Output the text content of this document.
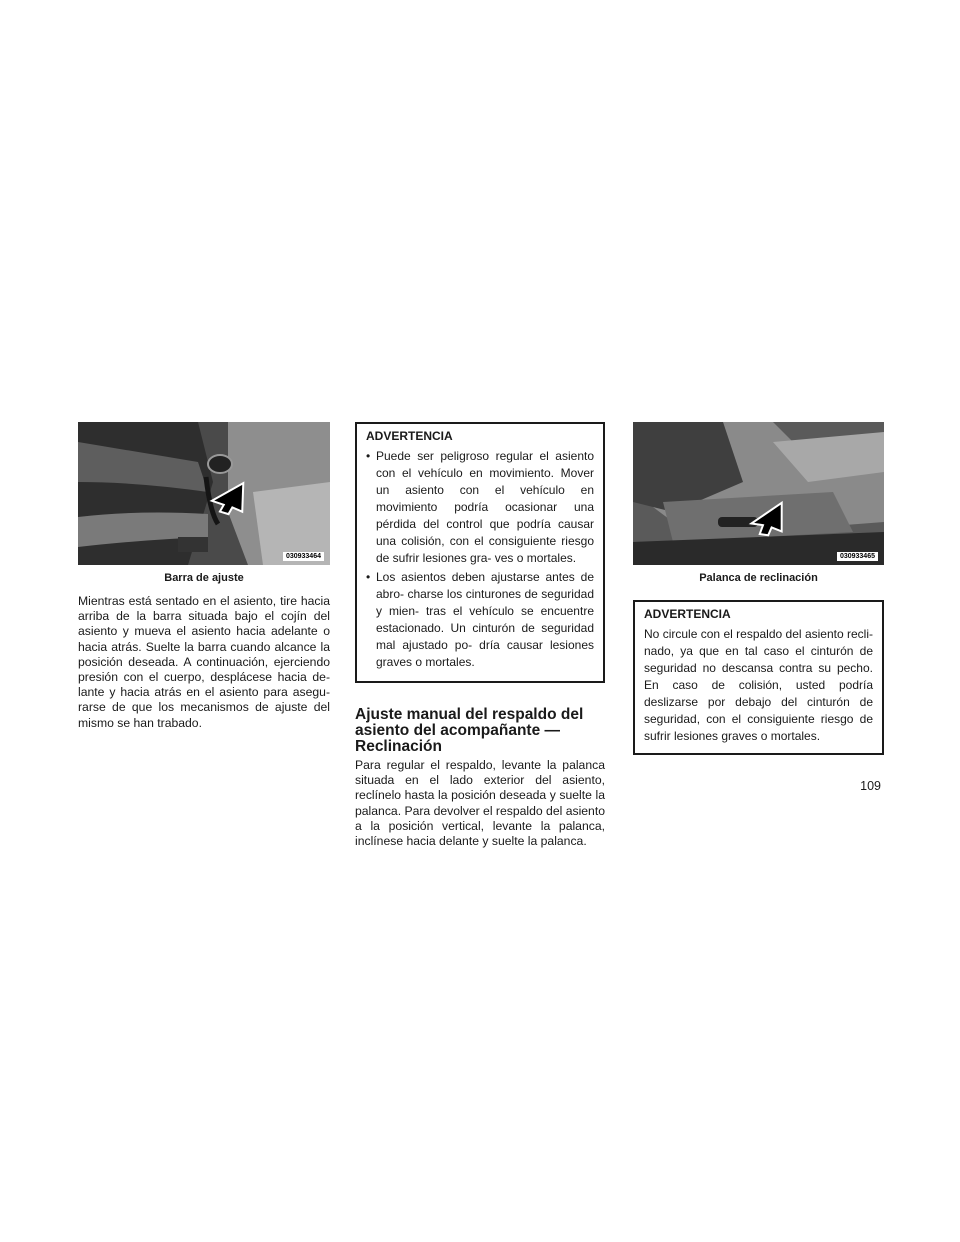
030933464
Barra de ajuste

Mientras está sentado en el asiento, tire hacia arriba de la barra situada bajo el cojín del asiento y mueva el asiento hacia adelante o hacia atrás. Suelte la barra cuando alcance la posición deseada. A continuación, ejerciendo presión con el cuerpo, desplácese hacia de- lante y hacia atrás en el asiento para asegu- rarse de que los mecanismos de ajuste del mismo se han trabado.

ADVERTENCIA
• Puede ser peligroso regular el asiento con el vehículo en movimiento. Mover un asiento con el vehículo en movimiento podría ocasionar una pérdida del control que podría causar una colisión, con el consiguiente riesgo de sufrir lesiones gra- ves o mortales.
• Los asientos deben ajustarse antes de abro- charse los cinturones de seguridad y mien- tras el vehículo se encuentre estacionado. Un cinturón de seguridad mal ajustado po- dría causar lesiones graves o mortales.
Ajuste manual del respaldo del asiento del acompañante — Reclinación

Para regular el respaldo, levante la palanca situada en el lado exterior del asiento, reclínelo hasta la posición deseada y suelte la palanca. Para devolver el respaldo del asiento a la posición vertical, levante la palanca, inclínese hacia delante y suelte la palanca.

030933465
Palanca de reclinación
ADVERTENCIA

No circule con el respaldo del asiento recli- nado, ya que en tal caso el cinturón de seguridad no descansa contra su pecho. En caso de colisión, usted podría deslizarse por debajo del cinturón de seguridad, con el consiguiente riesgo de sufrir lesiones graves o mortales.

109
